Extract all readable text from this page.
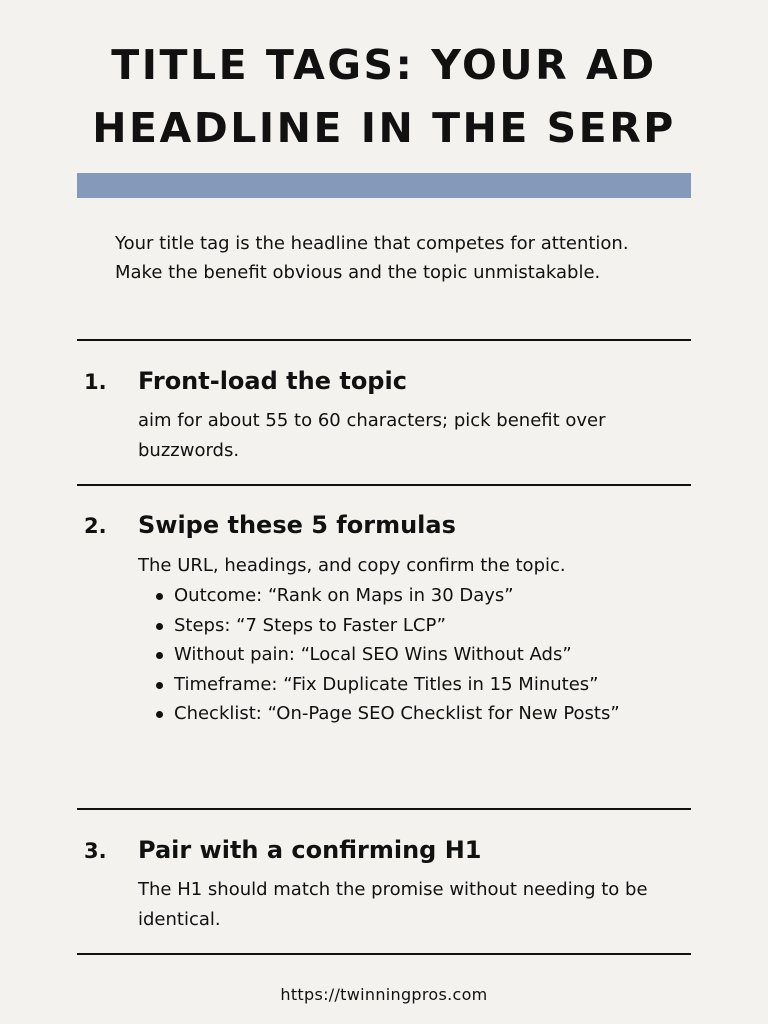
TITLE TAGS: YOUR AD HEADLINE IN THE SERP

Your title tag is the headline that competes for attention. Make the benefit obvious and the topic unmistakable.

1. Front-load the topic

aim for about 55 to 60 characters; pick benefit over buzzwords.

2. Swipe these 5 formulas

The URL, headings, and copy confirm the topic.

Outcome: “Rank on Maps in 30 Days”
Steps: “7 Steps to Faster LCP”
Without pain: “Local SEO Wins Without Ads”
Timeframe: “Fix Duplicate Titles in 15 Minutes”
Checklist: “On-Page SEO Checklist for New Posts”
3. Pair with a confirming H1

The H1 should match the promise without needing to be identical.

https://twinningpros.com
